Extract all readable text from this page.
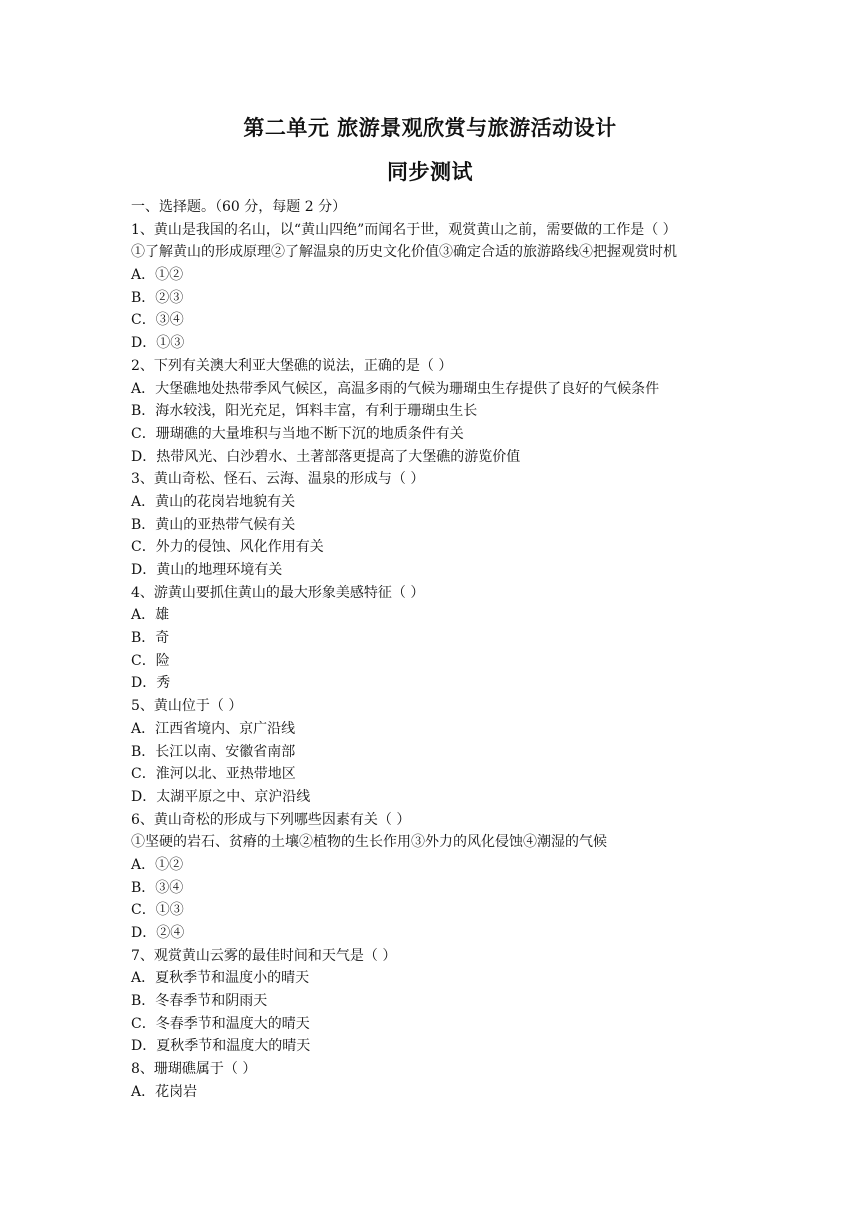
第二单元 旅游景观欣赏与旅游活动设计
同步测试
一、选择题。（60 分，每题 2 分）
1、黄山是我国的名山，以“黄山四绝”而闻名于世，观赏黄山之前，需要做的工作是（ ）
①了解黄山的形成原理②了解温泉的历史文化价值③确定合适的旅游路线④把握观赏时机
A．①②
B．②③
C．③④
D．①③
2、下列有关澳大利亚大堡礁的说法，正确的是（ ）
A．大堡礁地处热带季风气候区，高温多雨的气候为珊瑚虫生存提供了良好的气候条件
B．海水较浅，阳光充足，饵料丰富，有利于珊瑚虫生长
C．珊瑚礁的大量堆积与当地不断下沉的地质条件有关
D．热带风光、白沙碧水、土著部落更提高了大堡礁的游览价值
3、黄山奇松、怪石、云海、温泉的形成与（ ）
A．黄山的花岗岩地貌有关
B．黄山的亚热带气候有关
C．外力的侵蚀、风化作用有关
D．黄山的地理环境有关
4、游黄山要抓住黄山的最大形象美感特征（ ）
A．雄
B．奇
C．险
D．秀
5、黄山位于（ ）
A．江西省境内、京广沿线
B．长江以南、安徽省南部
C．淮河以北、亚热带地区
D．太湖平原之中、京沪沿线
6、黄山奇松的形成与下列哪些因素有关（ ）
①坚硬的岩石、贫瘠的土壤②植物的生长作用③外力的风化侵蚀④潮湿的气候
A．①②
B．③④
C．①③
D．②④
7、观赏黄山云雾的最佳时间和天气是（ ）
A．夏秋季节和温度小的晴天
B．冬春季节和阴雨天
C．冬春季节和温度大的晴天
D．夏秋季节和温度大的晴天
8、珊瑚礁属于（ ）
A．花岗岩
